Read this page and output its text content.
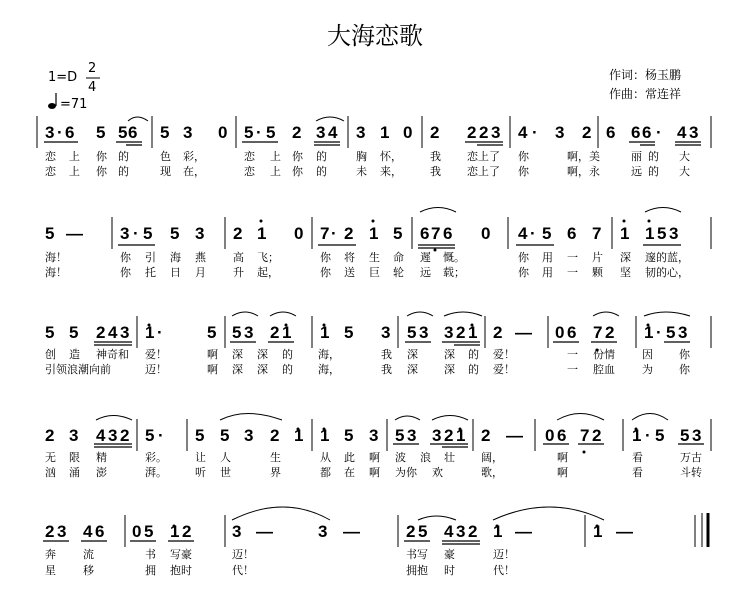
大海恋歌
作词：杨玉鹏
作曲：常连祥
1=D
2
4
=71
3 · 6 5 5 6 5 3 0 5 · 5 2 3 4 3 1 0 2 2 2 3 4 · 3 2 6 6 6 · 4 3
恋 上 你 的	色 彩，	恋 上 你 的	胸 怀，	我 恋上了 你	啊，美	丽 的 大
恋 上 你 的	现 在，	恋 上 你 的	未 来，	我 恋上了 你	啊，永	远 的 大
5 — 3 · 5 5 3 2 1 0 7 · 2 1 5 6 7 6 0 4 · 5 6 7 1 1 5 3
海！	你 引 海 燕 高 飞；	你 将 生 命 遲 慨。	你 用 一 片 深 邃的蓝，
海！	你 托 日 月 升 起，	你 送 巨 轮 远 载；	你 用 一 颗 坚 韧的心，
5 5 2 4 3 1 ·	5 5 3 2 1 1 5 3 5 3 3 2 1 2 — 0 6 7 2 1 · 5 3
创 造 神奇和 爱！	啊 深 深 的 海，	我 深 深 的 爱！	一 份情 因 你
引领浪潮向前	迈！	啊 深 深 的 海，	我 深 深 的 爱！	一 腔血 为 你
2 3 4 3 2 5 · 5 5 3 2 1 1 5 3 5 3 3 2 1 2 — 0 6 7 2 1 · 5 5 3
无 限 精	彩。	让 人	生	从 此 啊 波 浪 壮 阔，	啊	看	万古
汹 涌 澎	湃。	听 世	界	都 在 啊 为你 欢	歌，	啊	看	斗转
2 3 4 6 0 5 1 2 3 —	3 —	2 5 4 3 2 1 —	1 —
奔 流	书 写豪	迈！	书写 豪	迈！
星 移	拥 抱时	代！	拥抱 时	代！
